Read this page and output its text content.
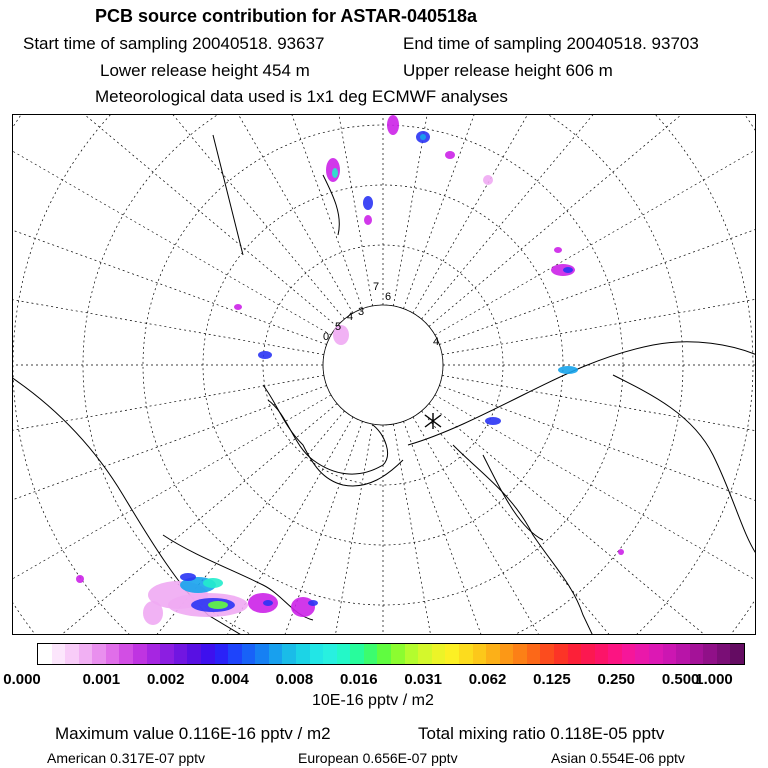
PCB source contribution for ASTAR-040518a
Start time of sampling 20040518. 93637	End time of sampling 20040518. 93703
Lower release height 454 m	Upper release height 606 m
Meteorological data used is 1x1 deg ECMWF analyses
0
5
4 3
6
7
4
0.000	0.001 0.002 0.004 0.008 0.016 0.031 0.062 0.125 0.250 0.500
1.000
10E-16 pptv / m2
Maximum value 0.116E-16 pptv / m2	Total mixing ratio 0.118E-05 pptv
American 0.317E-07 pptv	European 0.656E-07 pptv	Asian 0.554E-06 pptv
